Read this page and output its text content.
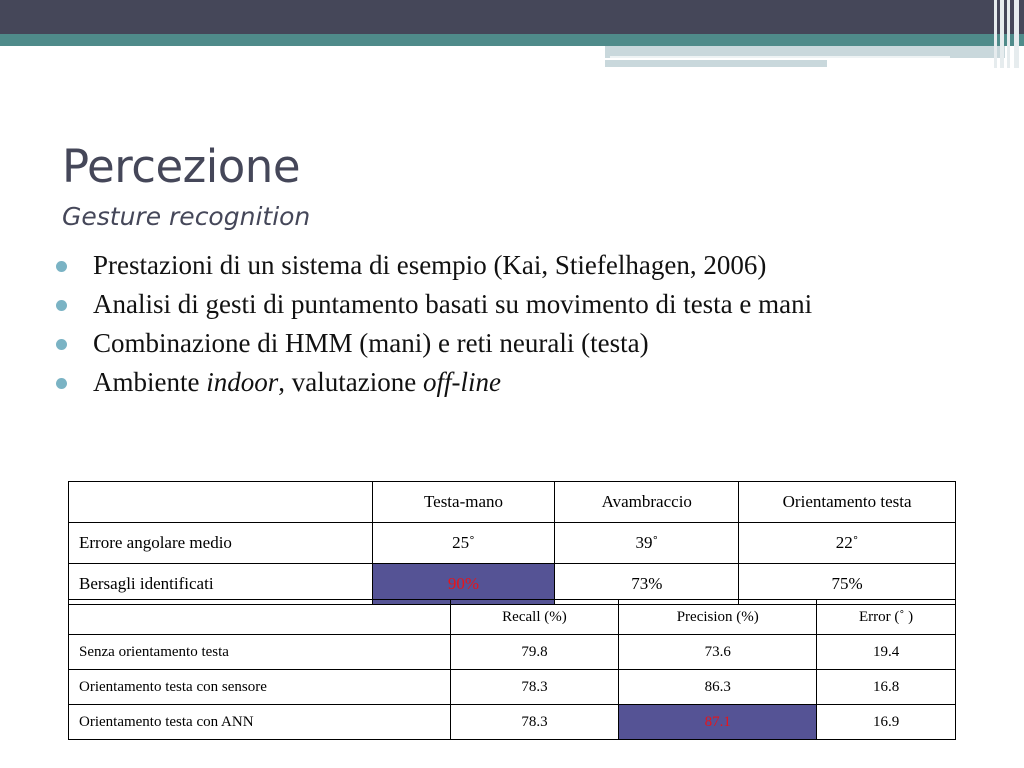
Percezione
Gesture recognition
Prestazioni di un sistema di esempio (Kai, Stiefelhagen, 2006)
Analisi di gesti di puntamento basati su movimento di testa e mani
Combinazione di HMM (mani) e reti neurali (testa)
Ambiente indoor, valutazione off-line
	Testa-mano	Avambraccio	Orientamento testa
Errore angolare medio	25˚	39˚	22˚
Bersagli identificati	90%	73%	75%
	Recall (%)	Precision (%)	Error (˚ )
Senza orientamento testa	79.8	73.6	19.4
Orientamento testa con sensore	78.3	86.3	16.8
Orientamento testa con ANN	78.3	87.1	16.9
